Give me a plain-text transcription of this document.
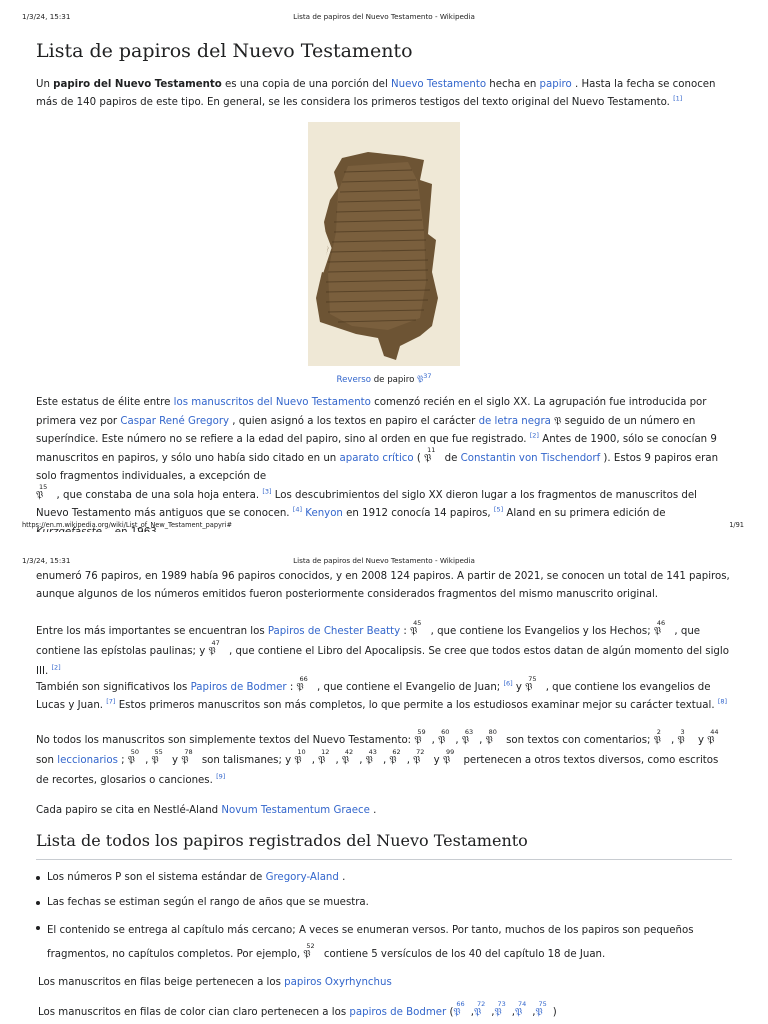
1/3/24, 15:31	Lista de papiros del Nuevo Testamento - Wikipedia
Lista de papiros del Nuevo Testamento

Un papiro del Nuevo Testamento es una copia de una porción del Nuevo Testamento hecha en papiro . Hasta la fecha se conocen más de 140 papiros de este tipo. En general, se les considera los primeros testigos del texto original del Nuevo Testamento. [1]

Reverso de papiro 𝔓$^{37}$

Este estatus de élite entre los manuscritos del Nuevo Testamento comenzó recién en el siglo XX. La agrupación fue introducida por primera vez por Caspar René Gregory , quien asignó a los textos en papiro el carácter de letra negra 𝔓 seguido de un número en superíndice. Este número no se refiere a la edad del papiro, sino al orden en que fue registrado. [2] Antes de 1900, sólo se conocían 9 manuscritos en papiros, y sólo uno había sido citado en un aparato crítico ( 𝔓
11
de Constantin von Tischendorf ). Estos 9 papiros eran solo fragmentos individuales, a excepción de
𝔓
15
, que constaba de una sola hoja entera. [3] Los descubrimientos del siglo XX dieron lugar a los fragmentos de manuscritos del Nuevo Testamento más antiguos que se conocen. [4] Kenyon en 1912 conocía 14 papiros, [5] Aland en su primera edición de

https://en.m.wikipedia.org/wiki/List_of_New_Testament_papyri#	1/91
1/3/24, 15:31	Lista de papiros del Nuevo Testamento - Wikipedia

enumeró 76 papiros, en 1989 había 96 papiros conocidos, y en 2008 124 papiros. A partir de 2021, se conocen un total de 141 papiros, aunque algunos de los números emitidos fueron posteriormente considerados fragmentos del mismo manuscrito original.

Entre los más importantes se encuentran los Papiros de Chester Beatty : 𝔓
45
, que contiene los Evangelios y los Hechos; 𝔓
46
, que contiene las epístolas paulinas; y 𝔓
47
, que contiene el Libro del Apocalipsis. Se cree que todos estos datan de algún momento del siglo III. [2]

También son significativos los Papiros de Bodmer : 𝔓
66
, que contiene el Evangelio de Juan; [6] y 𝔓
75
, que contiene los evangelios de Lucas y Juan. [7] Estos primeros manuscritos son más completos, lo que permite a los estudiosos examinar mejor su carácter textual. [8]

No todos los manuscritos son simplemente textos del Nuevo Testamento: 𝔓
59
, 𝔓
60
, 𝔓
63
, 𝔓
80
son textos con comentarios; 𝔓
2
, 𝔓
3
y 𝔓
44

son leccionarios ; 𝔓
50
, 𝔓
55
y 𝔓
78
son talismanes; y 𝔓
10
, 𝔓
12
, 𝔓
42
, 𝔓
43
, 𝔓
62
, 𝔓
72
y 𝔓
99
pertenecen a otros textos diversos, como escritos de recortes, glosarios o canciones. [9]

Cada papiro se cita en Nestlé-Aland Novum Testamentum Graece .

Lista de todos los papiros registrados del Nuevo Testamento
Los números P son el sistema estándar de Gregory-Aland .
Las fechas se estiman según el rango de años que se muestra.
El contenido se entrega al capítulo más cercano; A veces se enumeran versos. Por tanto, muchos de los papiros son pequeños fragmentos, no capítulos completos. Por ejemplo, 𝔓
52
contiene 5 versículos de los 40 del capítulo 18 de Juan.

Los manuscritos en filas beige pertenecen a los papiros Oxyrhynchus

Los manuscritos en filas de color cian claro pertenecen a los papiros de Bodmer (𝔓
66
,𝔓
72
,𝔓
73
,𝔓
74
,𝔓
75
)
